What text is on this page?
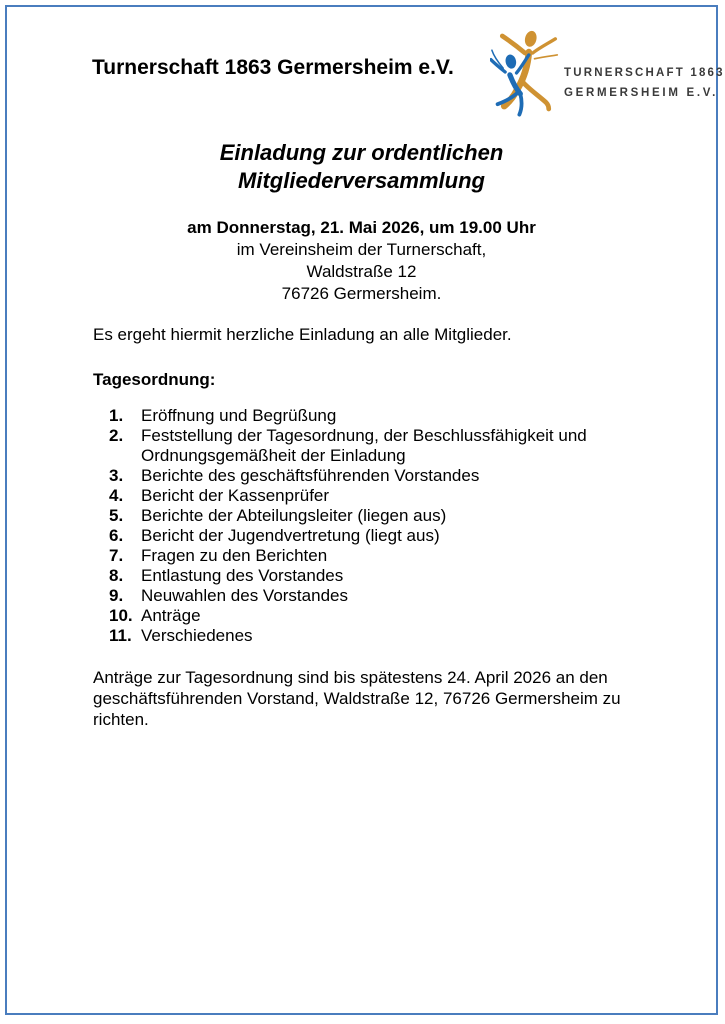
Turnerschaft 1863 Germersheim e.V.	TURNERSCHAFT 1863
GERMERSHEIM E.V.
Einladung zur ordentlichen
Mitgliederversammlung
am Donnerstag, 21. Mai 2026, um 19.00 Uhr
im Vereinsheim der Turnerschaft,
Waldstraße 12
76726 Germersheim.
Es ergeht hiermit herzliche Einladung an alle Mitglieder.
Tagesordnung:
1.	Eröffnung und Begrüßung
2.	Feststellung der Tagesordnung, der Beschlussfähigkeit und Ordnungsgemäßheit der Einladung
3.	Berichte des geschäftsführenden Vorstandes
4.	Bericht der Kassenprüfer
5.	Berichte der Abteilungsleiter (liegen aus)
6.	Bericht der Jugendvertretung (liegt aus)
7.	Fragen zu den Berichten
8.	Entlastung des Vorstandes
9.	Neuwahlen des Vorstandes
10. Anträge
11. Verschiedenes
Anträge zur Tagesordnung sind bis spätestens 24. April 2026 an den geschäftsführenden Vorstand, Waldstraße 12, 76726 Germersheim zu richten.
